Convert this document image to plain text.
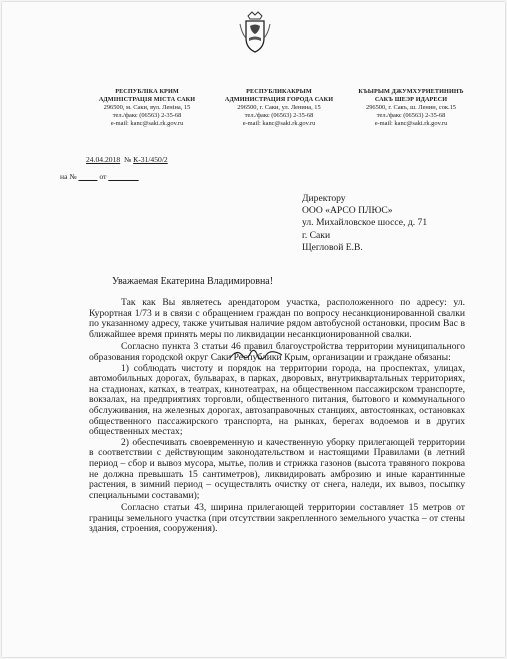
РЕСПУБЛІКА КРИМ
АДМІНІСТРАЦІЯ МІСТА САКИ
296500, м. Саки, вул. Леніна, 15
тел./факс (06563) 2-35-68
e-mail: kanc@saki.rk.gov.ru
РЕСПУБЛИКАКРЫМ
АДМИНИСТРАЦИЯ ГОРОДА САКИ
296500, г. Саки, ул. Ленина, 15
тел./факс (06563) 2-35-68
e-mail: kanc@saki.rk.gov.ru
КЪЫРЫМ ДЖУМХУРИЕТИНИНЪ
САКЪ ШЕЭР ИДАРЕСИ
296500, г. Сакъ, ш. Ленин, сок.15
тел./факс (06563) 2-35-68
e-mail: kanc@saki.rk.gov.ru
24.04.2018 № К-31/450/2
на №	от
Директору
ООО «АРСО ПЛЮС»
ул. Михайловское шоссе, д. 71
г. Саки
Щегловой Е.В.
Уважаемая Екатерина Владимировна!

Так как Вы являетесь арендатором участка, расположенного по адресу: ул. Курортная 1/73 и в связи с обращением граждан по вопросу несанкционированной свалки по указанному адресу, также учитывая наличие рядом автобусной остановки, просим Вас в ближайшее время принять меры по ликвидации несанкционированной свалки.

Согласно пункта 3 статьи 46 правил благоустройства территории муниципального образования городской округ Саки Республики Крым, организации и граждане обязаны:

1) соблюдать чистоту и порядок на территории города, на проспектах, улицах, автомобильных дорогах, бульварах, в парках, дворовых, внутриквартальных территориях, на стадионах, катках, в театрах, кинотеатрах, на общественном пассажирском транспорте, вокзалах, на предприятиях торговли, общественного питания, бытового и коммунального обслуживания, на железных дорогах, автозаправочных станциях, автостоянках, остановках общественного пассажирского транспорта, на рынках, берегах водоемов и в других общественных местах;

2) обеспечивать своевременную и качественную уборку прилегающей территории в соответствии с действующим законодательством и настоящими Правилами (в летний период – сбор и вывоз мусора, мытье, полив и стрижка газонов (высота травяного покрова не должна превышать 15 сантиметров), ликвидировать амброзию и иные карантинные растения, в зимний период – осуществлять очистку от снега, наледи, их вывоз, посыпку специальными составами);

Согласно статьи 43, ширина прилегающей территории составляет 15 метров от границы земельного участка (при отсутствии закрепленного земельного участка – от стены здания, строения, сооружения).
